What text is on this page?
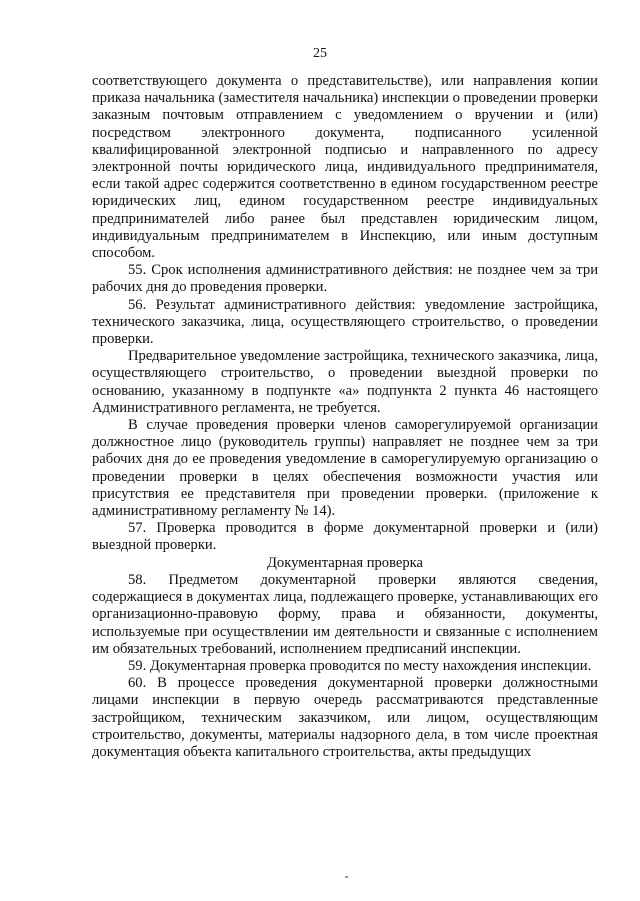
25

соответствующего документа о представительстве), или направления копии приказа начальника (заместителя начальника) инспекции о проведении проверки заказным почтовым отправлением с уведомлением о вручении и (или) посредством электронного документа, подписанного усиленной квалифицированной электронной подписью и направленного по адресу электронной почты юридического лица, индивидуального предпринимателя, если такой адрес содержится соответственно в едином государственном реестре юридических лиц, едином государственном реестре индивидуальных предпринимателей либо ранее был представлен юридическим лицом, индивидуальным предпринимателем в Инспекцию, или иным доступным способом.

55. Срок исполнения административного действия: не позднее чем за три рабочих дня до проведения проверки.

56. Результат административного действия: уведомление застройщика, технического заказчика, лица, осуществляющего строительство, о проведении проверки.

Предварительное уведомление застройщика, технического заказчика, лица, осуществляющего строительство, о проведении выездной проверки по основанию, указанному в подпункте «а» подпункта 2 пункта 46 настоящего Административного регламента, не требуется.

В случае проведения проверки членов саморегулируемой организации должностное лицо (руководитель группы) направляет не позднее чем за три рабочих дня до ее проведения уведомление в саморегулируемую организацию о проведении проверки в целях обеспечения возможности участия или присутствия ее представителя при проведении проверки. (приложение к административному регламенту № 14).

57. Проверка проводится в форме документарной проверки и (или) выездной проверки.

Документарная проверка

58. Предметом документарной проверки являются сведения, содержащиеся в документах лица, подлежащего проверке, устанавливающих его организационно-правовую форму, права и обязанности, документы, используемые при осуществлении им деятельности и связанные с исполнением им обязательных требований, исполнением предписаний инспекции.

59. Документарная проверка проводится по месту нахождения инспекции.

60. В процессе проведения документарной проверки должностными лицами инспекции в первую очередь рассматриваются представленные застройщиком, техническим заказчиком, или лицом, осуществляющим строительство, документы, материалы надзорного дела, в том числе проектная документация объекта капитального строительства, акты предыдущих
